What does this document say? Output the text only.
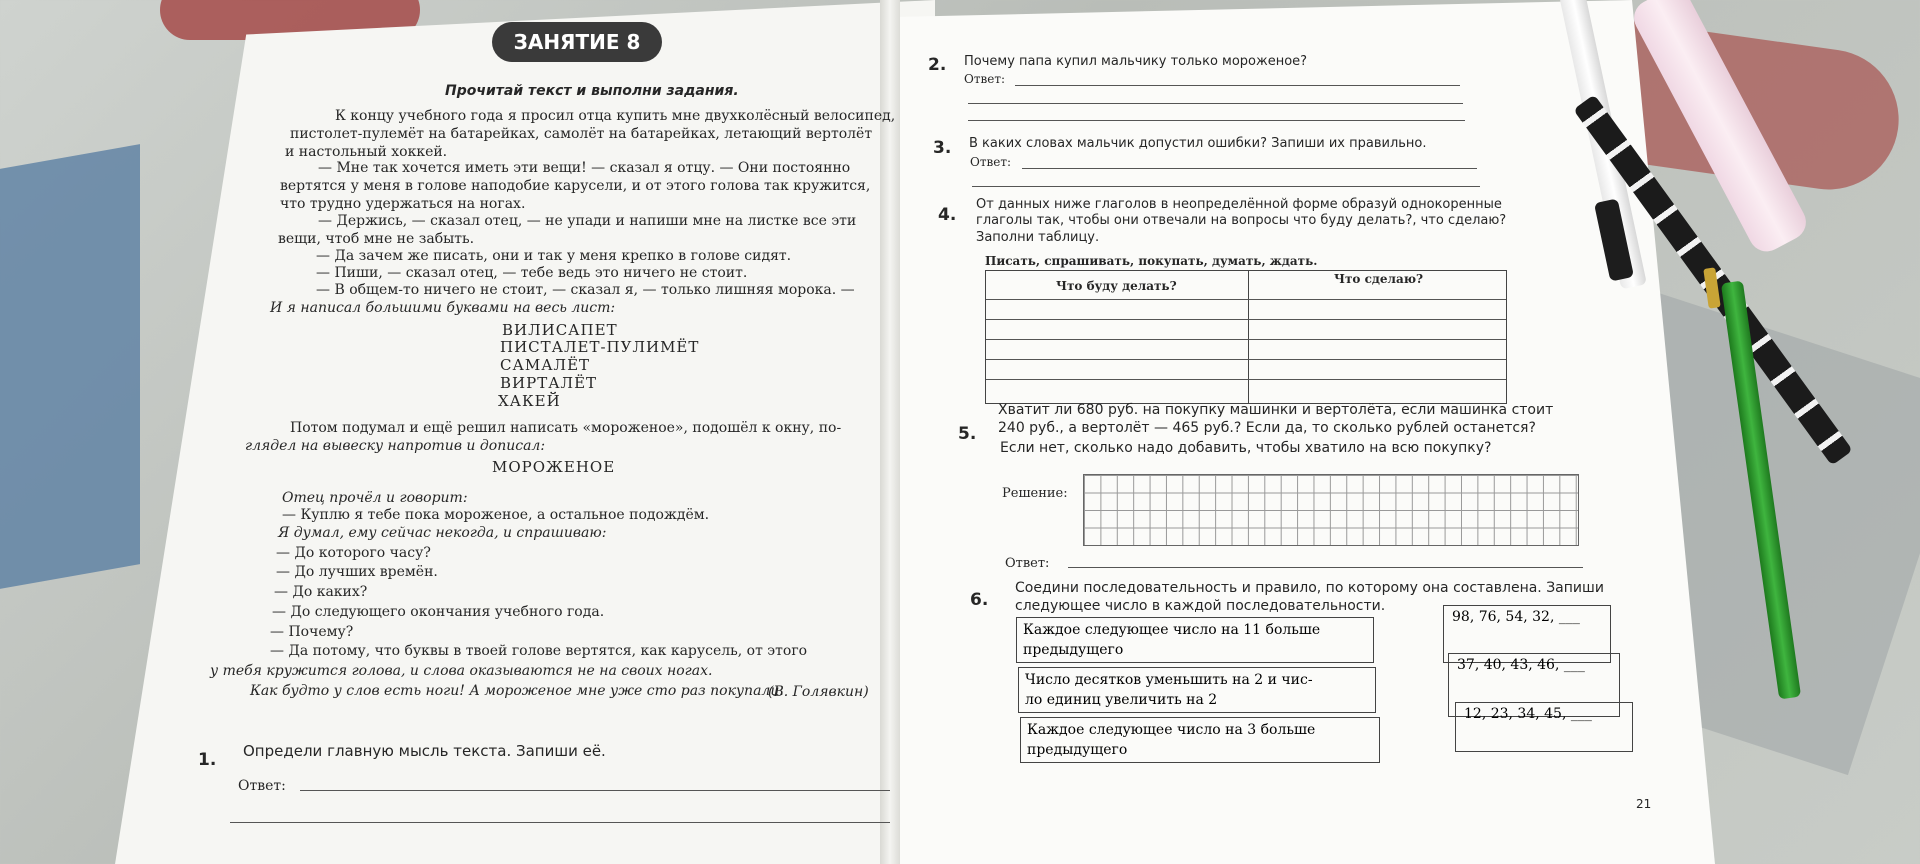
ЗАНЯТИЕ 8
Прочитай текст и выполни задания.
К концу учебного года я просил отца купить мне двухколёсный велосипед,
пистолет-пулемёт на батарейках, самолёт на батарейках, летающий вертолёт
и настольный хоккей.
— Мне так хочется иметь эти вещи! — сказал я отцу. — Они постоянно
вертятся у меня в голове наподобие карусели, и от этого голова так кружится,
что трудно удержаться на ногах.
— Держись, — сказал отец, — не упади и напиши мне на листке все эти
вещи, чтоб мне не забыть.
— Да зачем же писать, они и так у меня крепко в голове сидят.
— Пиши, — сказал отец, — тебе ведь это ничего не стоит.
— В общем-то ничего не стоит, — сказал я, — только лишняя морока. —
И я написал большими буквами на весь лист:
ВИЛИСАПЕТ
ПИСТАЛЕТ-ПУЛИМЁТ
САМАЛЁТ
ВИРТАЛЁТ
ХАКЕЙ
Потом подумал и ещё решил написать «мороженое», подошёл к окну, по-
глядел на вывеску напротив и дописал:
МОРОЖЕНОЕ
Отец прочёл и говорит:
— Куплю я тебе пока мороженое, а остальное подождём.
Я думал, ему сейчас некогда, и спрашиваю:
— До которого часу?
— До лучших времён.
— До каких?
— До следующего окончания учебного года.
— Почему?
— Да потому, что буквы в твоей голове вертятся, как карусель, от этого
у тебя кружится голова, и слова оказываются не на своих ногах.
Как будто у слов есть ноги! А мороженое мне уже сто раз покупали.
(В. Голявкин)
1. Определи главную мысль текста. Запиши её.
Ответ:
2. Почему папа купил мальчику только мороженое?
Ответ:
3. В каких словах мальчик допустил ошибки? Запиши их правильно.
Ответ:
4.
От данных ниже глаголов в неопределённой форме образуй однокоренные
глаголы так, чтобы они отвечали на вопросы что буду делать?, что сделаю?
Заполни таблицу.
Писать, спрашивать, покупать, думать, ждать.
Что буду делать?	Что сделаю?
5.
Хватит ли 680 руб. на покупку машинки и вертолёта, если машинка стоит
240 руб., а вертолёт — 465 руб.? Если да, то сколько рублей останется?
Если нет, сколько надо добавить, чтобы хватило на всю покупку?
Решение:
Ответ:
6.
Соедини последовательность и правило, по которому она составлена. Запиши
следующее число в каждой последовательности.
Каждое следующее число на 11 больше
предыдущего
Число десятков уменьшить на 2 и чис-
ло единиц увеличить на 2
Каждое следующее число на 3 больше
предыдущего
98, 76, 54, 32, ___
37, 40, 43, 46, ___
12, 23, 34, 45, ___
21
